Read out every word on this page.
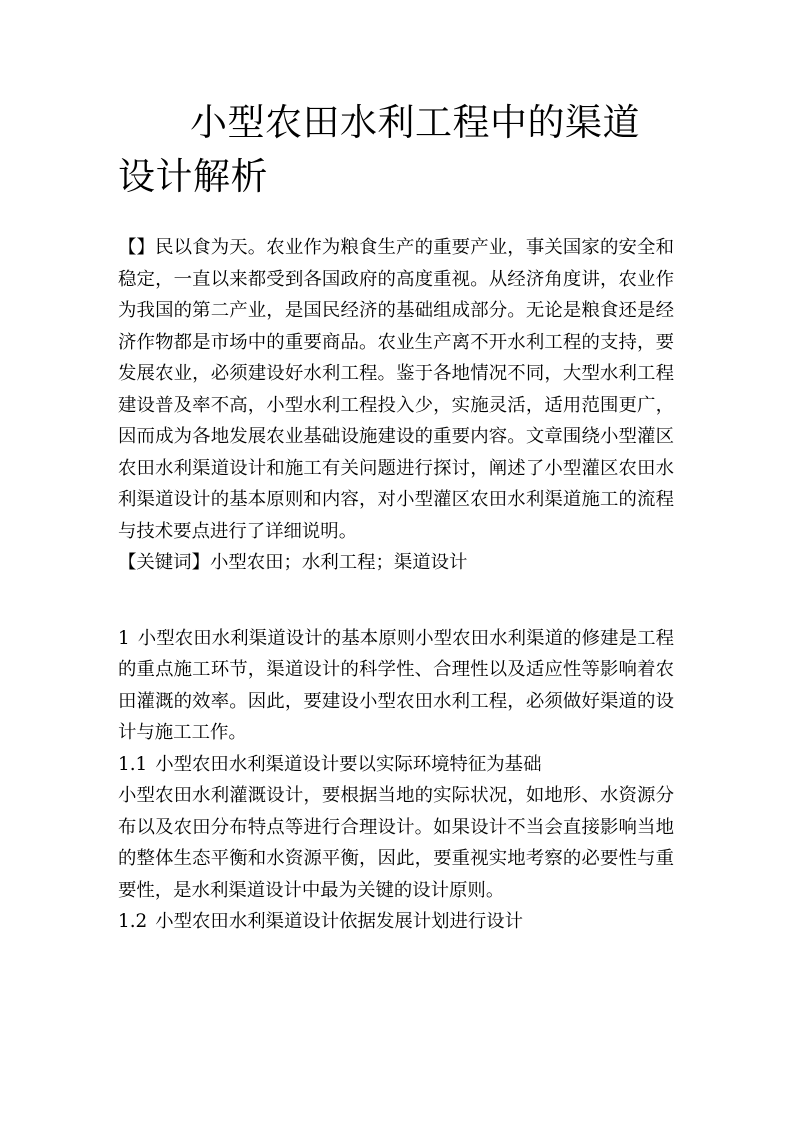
小型农田水利工程中的渠道设计解析

【】民以食为天。农业作为粮食生产的重要产业，事关国家的安全和稳定，一直以来都受到各国政府的高度重视。从经济角度讲，农业作为我国的第二产业，是国民经济的基础组成部分。无论是粮食还是经济作物都是市场中的重要商品。农业生产离不开水利工程的支持，要发展农业，必须建设好水利工程。鉴于各地情况不同，大型水利工程建设普及率不高，小型水利工程投入少，实施灵活，适用范围更广，因而成为各地发展农业基础设施建设的重要内容。文章围绕小型灌区农田水利渠道设计和施工有关问题进行探讨，阐述了小型灌区农田水利渠道设计的基本原则和内容，对小型灌区农田水利渠道施工的流程与技术要点进行了详细说明。

【关键词】小型农田；水利工程；渠道设计

1 小型农田水利渠道设计的基本原则小型农田水利渠道的修建是工程的重点施工环节，渠道设计的科学性、合理性以及适应性等影响着农田灌溉的效率。因此，要建设小型农田水利工程，必须做好渠道的设计与施工工作。

1.1 小型农田水利渠道设计要以实际环境特征为基础

小型农田水利灌溉设计，要根据当地的实际状况，如地形、水资源分布以及农田分布特点等进行合理设计。如果设计不当会直接影响当地的整体生态平衡和水资源平衡，因此，要重视实地考察的必要性与重要性，是水利渠道设计中最为关键的设计原则。

1.2 小型农田水利渠道设计依据发展计划进行设计
